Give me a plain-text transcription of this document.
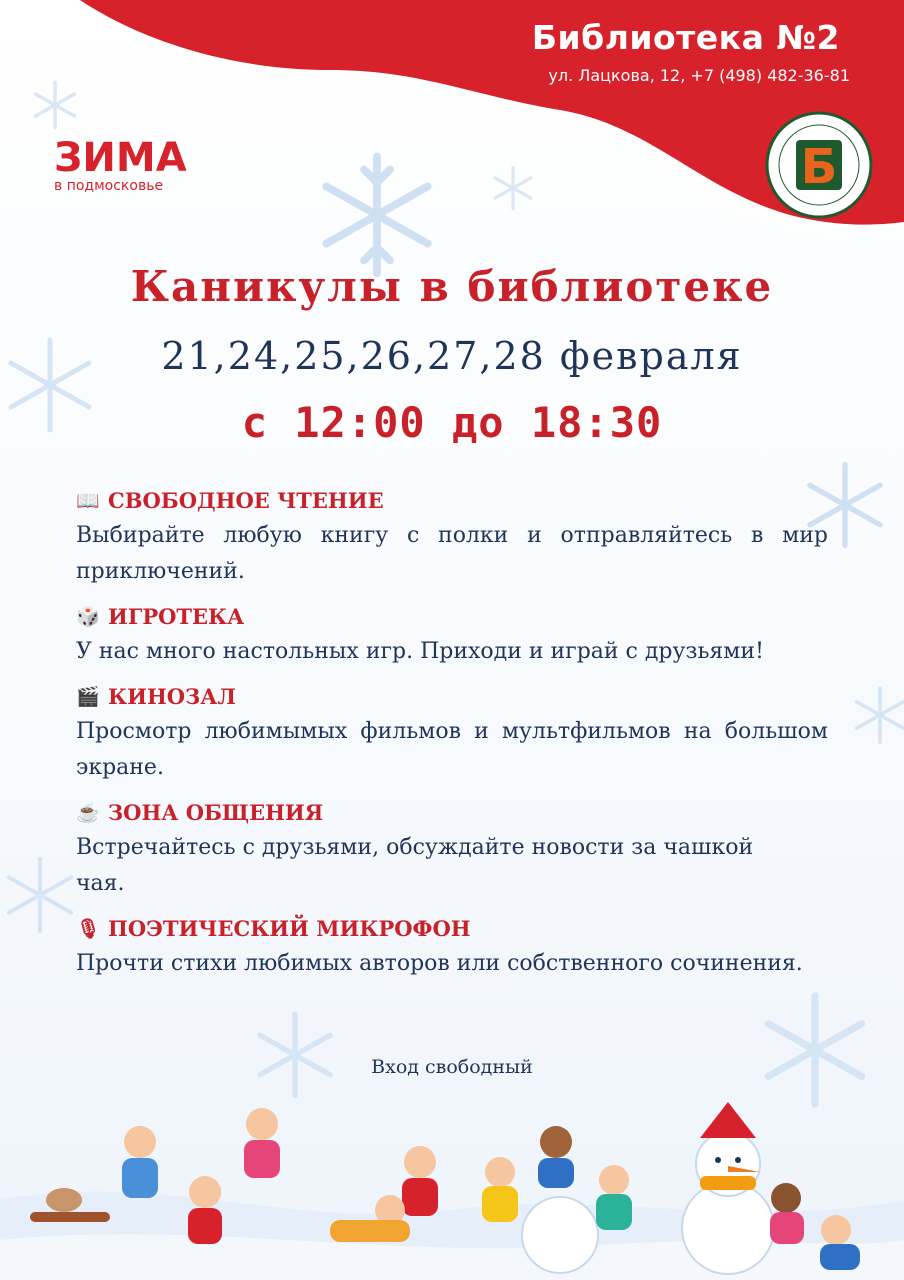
Библиотека №2
ул. Лацкова, 12, +7 (498) 482-36-81
Б
ЗИМА
в подмосковье
Каникулы в библиотеке
21,24,25,26,27,28 февраля
с 12:00 до 18:30
📖 СВОБОДНОЕ ЧТЕНИЕ
Выбирайте любую книгу с полки и отправляйтесь в мир приключений.
🎲 ИГРОТЕКА
У нас много настольных игр. Приходи и играй с друзьями!
🎬 КИНОЗАЛ
Просмотр любимымых фильмов и мультфильмов на большом экране.
☕ ЗОНА ОБЩЕНИЯ
Встречайтесь с друзьями, обсуждайте новости за чашкой чая.
🎙 ПОЭТИЧЕСКИЙ МИКРОФОН
Прочти стихи любимых авторов или собственного сочинения.
Вход свободный
